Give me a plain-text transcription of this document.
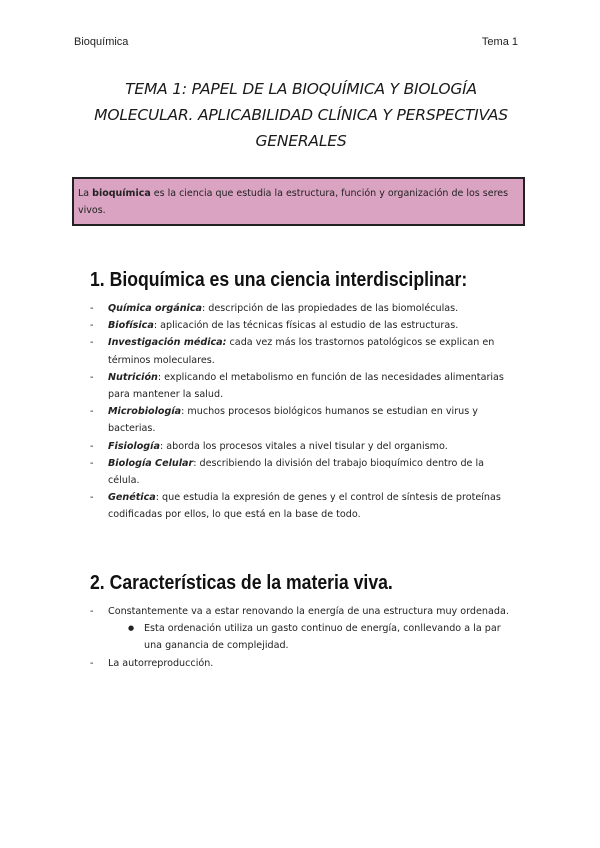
Bioquímica	Tema 1
TEMA 1: PAPEL DE LA BIOQUÍMICA Y BIOLOGÍA
MOLECULAR. APLICABILIDAD CLÍNICA Y PERSPECTIVAS
GENERALES
La bioquímica es la ciencia que estudia la estructura, función y organización de los seres vivos.
1. Bioquímica es una ciencia interdisciplinar:
- Química orgánica: descripción de las propiedades de las biomoléculas.
- Biofísica: aplicación de las técnicas físicas al estudio de las estructuras.
- Investigación médica: cada vez más los trastornos patológicos se explican en términos moleculares.
- Nutrición: explicando el metabolismo en función de las necesidades alimentarias para mantener la salud.
- Microbiología: muchos procesos biológicos humanos se estudian en virus y bacterias.
- Fisiología: aborda los procesos vitales a nivel tisular y del organismo.
- Biología Celular: describiendo la división del trabajo bioquímico dentro de la célula.
- Genética: que estudia la expresión de genes y el control de síntesis de proteínas codificadas por ellos, lo que está en la base de todo.
2. Características de la materia viva.
- Constantemente va a estar renovando la energía de una estructura muy ordenada.
● Esta ordenación utiliza un gasto continuo de energía, conllevando a la par una ganancia de complejidad.
- La autorreproducción.
